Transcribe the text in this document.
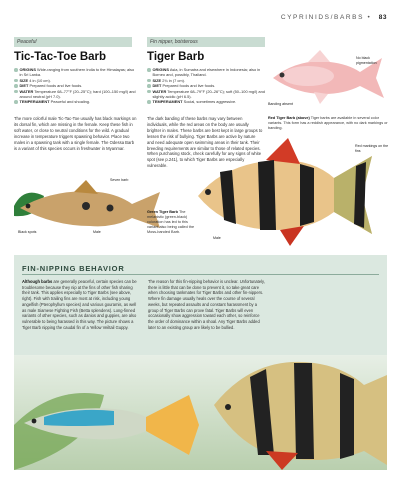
CYPRINIDS/BARBS • 83
Peaceful
Tic-Tac-Toe Barb
ORIGINS Wide-ranging from southern India to the Himalayas; also in Sri Lanka.
SIZE 4 in (10 cm).
DIET Prepared foods and live foods.
WATER Temperature 68–77°F (20–25°C); hard (100–150 mg/l) and around neutral (pH 7.0).
TEMPERAMENT Peaceful and shoaling.
Fin nipper, boisterous
Tiger Barb
ORIGINS Asia, in Sumatra and elsewhere in Indonesia; also in Borneo and, possibly, Thailand.
SIZE 2¾ in (7 cm).
DIET Prepared foods and live foods.
WATER Temperature 68–79°F (20–26°C); soft (50–100 mg/l) and slightly acidic (pH 6.5).
TEMPERAMENT Social, sometimes aggressive.
No black pigmentation
Banding absent
The more colorful male Tic-Tac-Toe usually has black markings on its dorsal fin, which are missing in the female. Keep these fish in soft water, or close to neutral conditions for the wild. A gradual increase in temperature triggers spawning behavior. Place two males in a spawning tank with a single female. The Odessa Barb is a variant of this species occurs in freshwater in Myanmar.
The dark banding of these barbs may vary between individuals, while the red areas on the body are usually brighter in males. These barbs are best kept in large groups to lessen the risk of bullying. Tiger Barbs are active by nature and need adequate open swimming areas in their tank. Their breeding requirements are similar to those of related species. When purchasing stock, check carefully for any signs of white spot (see p.241), to which Tiger Barbs are especially vulnerable.
Red Tiger Barb (above) Tiger barbs are available in several color variants. This form has a reddish appearance, with no dark markings or banding.
Red markings on the fins
Male
Seven barb
Black spots	Male
Green Tiger Barb The melanistic (green-black) coloration has led to this variant also being called the Moss-banded Barb.
FIN-NIPPING BEHAVIOR
Although barbs are generally peaceful, certain species can be troublesome because they nip at the fins of other fish sharing their tank. This applies especially to Tiger Barbs (see above, right). Fish with trailing fins are most at risk, including young angelfish (Pterophyllum species) and various gouramis, as well as male Siamese Fighting Fish (Betta splendens). Long-finned variants of other species, such as danios and guppies, are also vulnerable to being harassed in this way. The picture shows a Tiger Barb nipping the caudal fin of a Yellow Veiltail Guppy.
The reason for this fin-nipping behavior is unclear. Unfortunately, there is little that can be done to prevent it, so take great care when choosing tankmates for Tiger Barbs and other fin-nippers. Where fin damage usually heals over the course of several weeks, but repeated assaults and constant harassment by a group of Tiger Barbs can prove fatal. Tiger Barbs will even occasionally show aggression toward each other, so reinforce the order of dominance within a shoal. Any Tiger Barbs added later to an existing group are likely to be bullied.
